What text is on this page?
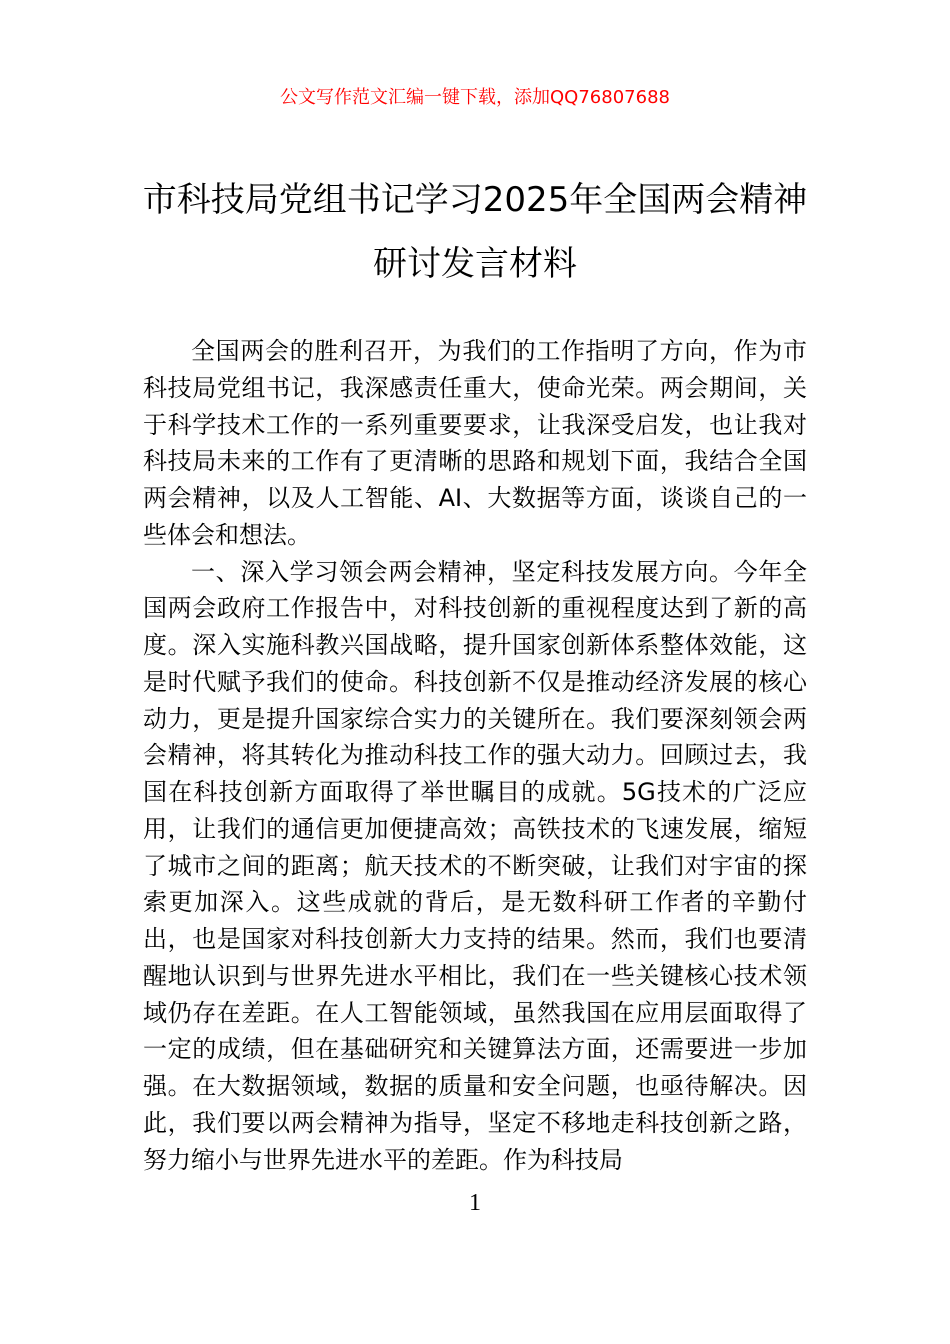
公文写作范文汇编一键下载，添加QQ76807688
市科技局党组书记学习2025年全国两会精神研讨发言材料

全国两会的胜利召开，为我们的工作指明了方向，作为市科技局党组书记，我深感责任重大，使命光荣。两会期间，关于科学技术工作的一系列重要要求，让我深受启发，也让我对科技局未来的工作有了更清晰的思路和规划下面，我结合全国两会精神，以及人工智能、AI、大数据等方面，谈谈自己的一些体会和想法。

一、深入学习领会两会精神，坚定科技发展方向。今年全国两会政府工作报告中，对科技创新的重视程度达到了新的高度。深入实施科教兴国战略，提升国家创新体系整体效能，这是时代赋予我们的使命。科技创新不仅是推动经济发展的核心动力，更是提升国家综合实力的关键所在。我们要深刻领会两会精神，将其转化为推动科技工作的强大动力。回顾过去，我国在科技创新方面取得了举世瞩目的成就。5G技术的广泛应用，让我们的通信更加便捷高效；高铁技术的飞速发展，缩短了城市之间的距离；航天技术的不断突破，让我们对宇宙的探索更加深入。这些成就的背后，是无数科研工作者的辛勤付出，也是国家对科技创新大力支持的结果。然而，我们也要清醒地认识到与世界先进水平相比，我们在一些关键核心技术领域仍存在差距。在人工智能领域，虽然我国在应用层面取得了一定的成绩，但在基础研究和关键算法方面，还需要进一步加强。在大数据领域，数据的质量和安全问题，也亟待解决。因此，我们要以两会精神为指导，坚定不移地走科技创新之路，努力缩小与世界先进水平的差距。作为科技局

1
